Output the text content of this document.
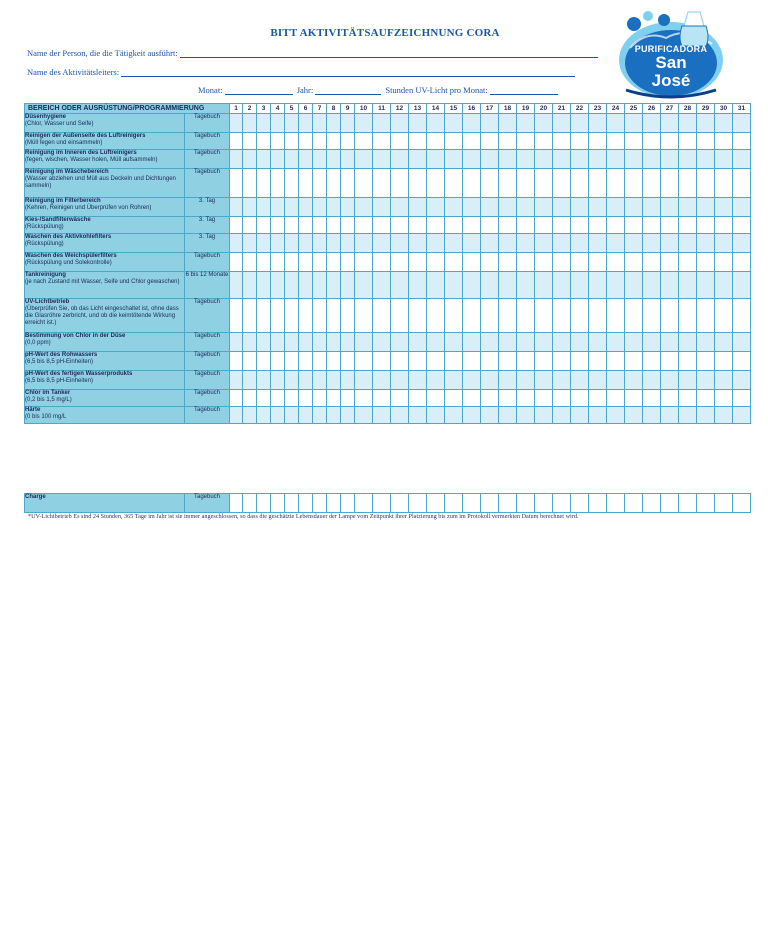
BITT AKTIVITÄTSAUFZEICHNUNG CORA
Name der Person, die die Tätigkeit ausführt:
Name des Aktivitätsleiters:
Monat:	Jahr:	Stunden UV-Licht pro Monat:
PURIFICADORA
San
José
BEREICH ODER AUSRÜSTUNG/PROGRAMMIERUNG		1	2	3	4	5	6	7	8	9	10	11	12	13	14	15	16	17	18	19	20	21	22	23	24	25	26	27	28	29	30	31

Düsenhygiene
(Chlor, Wasser und Seife)	Tagebuch																															

Reinigen der Außenseite des Luftreinigers
(Müll fegen und einsammeln)	Tagebuch																															

Reinigung im Inneren des Luftreinigers
(fegen, wischen, Wasser holen, Müll aufsammeln)	Tagebuch																															

Reinigung im Wäschebereich
(Wasser abziehen und Müll aus Deckeln und Dichtungen sammeln)	Tagebuch																															

Reinigung im Filterbereich
(Kehren, Reinigen und Überprüfen von Rohren)	3. Tag																															

Kies-/Sandfilterwäsche
(Rückspülung)	3. Tag																															

Waschen des Aktivkohlefilters
(Rückspülung)	3. Tag																															

Waschen des Weichspülerfilters
(Rückspülung und Solekontrolle)	Tagebuch																															

Tankreinigung
(je nach Zustand mit Wasser, Seife und Chlor gewaschen)	6 bis 12 Monate																															

UV-Lichtbetrieb
(Überprüfen Sie, ob das Licht eingeschaltet ist, ohne dass die Glasröhre zerbricht, und ob die keimtötende Wirkung erreicht ist.)	Tagebuch																															

Bestimmung von Chlor in der Düse
(0,0 ppm)	Tagebuch																															

pH-Wert des Rohwassers
(6,5 bis 8,5 pH-Einheiten)	Tagebuch																															

pH-Wert des fertigen Wasserprodukts
(6,5 bis 8,5 pH-Einheiten)	Tagebuch																															

Chlor im Tanker
(0,2 bis 1,5 mg/L)	Tagebuch																															

Härte
(0 bis 100 mg/L	Tagebuch																															
Charge	Tagebuch																															
*UV-Lichtbetrieb Es sind 24 Stunden, 365 Tage im Jahr ist sie immer angeschlossen, so dass die geschätzte Lebensdauer der Lampe vom Zeitpunkt ihrer Platzierung bis zum im Protokoll vermerkten Datum berechnet wird.
